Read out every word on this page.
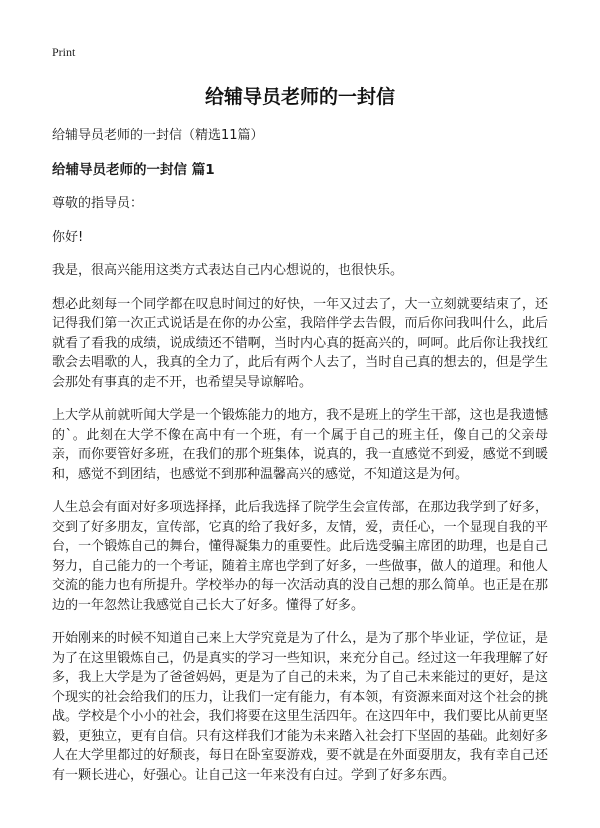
Print
给辅导员老师的一封信
给辅导员老师的一封信（精选11篇）
给辅导员老师的一封信 篇1

尊敬的指导员：

你好!

我是，很高兴能用这类方式表达自己内心想说的，也很快乐。

想必此刻每一个同学都在叹息时间过的好快，一年又过去了，大一立刻就要结束了，还记得我们第一次正式说话是在你的办公室，我陪伴学去告假，而后你问我叫什么，此后就看了看我的成绩，说成绩还不错啊，当时内心真的挺高兴的，呵呵。此后你让我找红歌会去唱歌的人，我真的全力了，此后有两个人去了，当时自己真的想去的，但是学生会那处有事真的走不开，也希望吴导谅解哈。

上大学从前就听闻大学是一个锻炼能力的地方，我不是班上的学生干部，这也是我遗憾的`。此刻在大学不像在高中有一个班，有一个属于自己的班主任，像自己的父亲母亲，而你要管好多班，在我们的那个班集体，说真的，我一直感觉不到爱，感觉不到暖和，感觉不到团结，也感觉不到那种温馨高兴的感觉，不知道这是为何。

人生总会有面对好多项选择择，此后我选择了院学生会宣传部，在那边我学到了好多，交到了好多朋友，宣传部，它真的给了我好多，友情，爱，责任心，一个显现自我的平台，一个锻炼自己的舞台，懂得凝集力的重要性。此后选受骗主席团的助理，也是自己努力，自己能力的一个考证，随着主席也学到了好多，一些做事，做人的道理。和他人交流的能力也有所提升。学校举办的每一次活动真的没自己想的那么简单。也正是在那边的一年忽然让我感觉自己长大了好多。懂得了好多。

开始刚来的时候不知道自己来上大学究竟是为了什么，是为了那个毕业证，学位证，是为了在这里锻炼自己，仍是真实的学习一些知识，来充分自己。经过这一年我理解了好多，我上大学是为了爸爸妈妈，更是为了自己的未来，为了自己未来能过的更好，是这个现实的社会给我们的压力，让我们一定有能力，有本领，有资源来面对这个社会的挑战。学校是个小小的社会，我们将要在这里生活四年。在这四年中，我们要比从前更坚毅，更独立，更有自信。只有这样我们才能为未来踏入社会打下坚固的基础。此刻好多人在大学里都过的好颓丧，每日在卧室耍游戏，要不就是在外面耍朋友，我有幸自己还有一颗长进心，好强心。让自己这一年来没有白过。学到了好多东西。
